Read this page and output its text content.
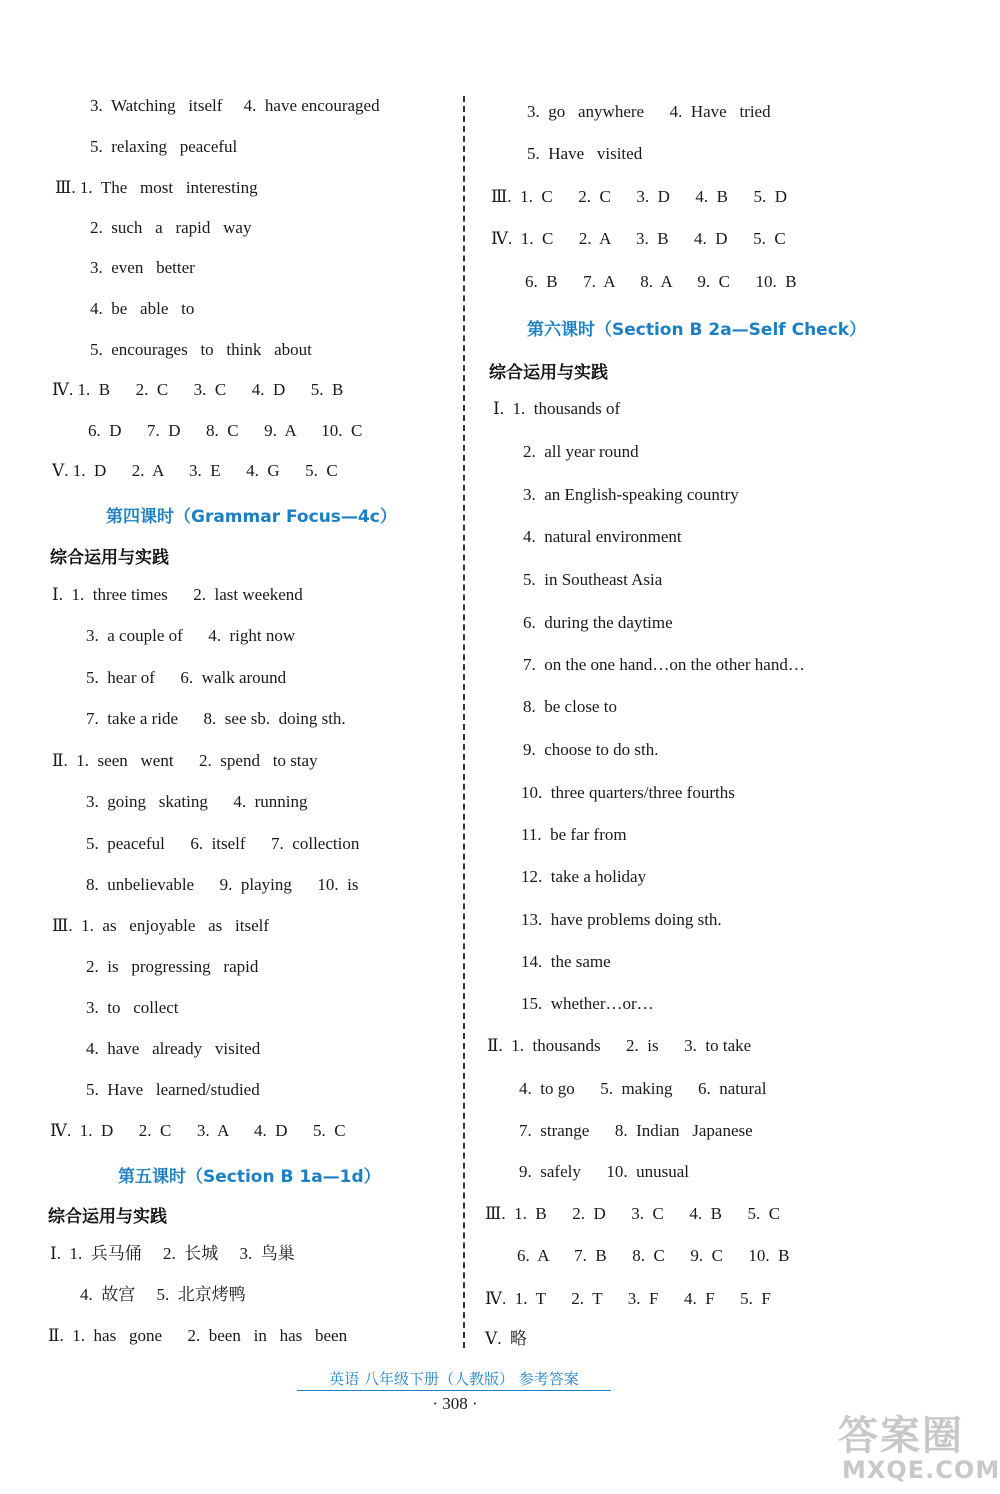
3.  Watching   itself     4.  have encouraged
5.  relaxing   peaceful
Ⅲ. 1.  The   most   interesting
2.  such   a   rapid   way
3.  even   better
4.  be   able   to
5.  encourages   to   think   about
Ⅳ. 1.  B      2.  C      3.  C      4.  D      5.  B
6.  D      7.  D      8.  C      9.  A      10.  C
Ⅴ. 1.  D      2.  A      3.  E      4.  G      5.  C
第四课时（Grammar Focus—4c）
综合运用与实践
Ⅰ.  1.  three times      2.  last weekend
3.  a couple of      4.  right now
5.  hear of      6.  walk around
7.  take a ride      8.  see sb.  doing sth.
Ⅱ.  1.  seen   went      2.  spend   to stay
3.  going   skating      4.  running
5.  peaceful      6.  itself      7.  collection
8.  unbelievable      9.  playing      10.  is
Ⅲ.  1.  as   enjoyable   as   itself
2.  is   progressing   rapid
3.  to   collect
4.  have   already   visited
5.  Have   learned/studied
Ⅳ.  1.  D      2.  C      3.  A      4.  D      5.  C
第五课时（Section B 1a—1d）
综合运用与实践
Ⅰ.  1.  兵马俑     2.  长城     3.  鸟巢
4.  故宫     5.  北京烤鸭
Ⅱ.  1.  has   gone      2.  been   in   has   been
3.  go   anywhere      4.  Have   tried
5.  Have   visited
Ⅲ.  1.  C      2.  C      3.  D      4.  B      5.  D
Ⅳ.  1.  C      2.  A      3.  B      4.  D      5.  C
6.  B      7.  A      8.  A      9.  C      10.  B
第六课时（Section B 2a—Self Check）
综合运用与实践
Ⅰ.  1.  thousands of
2.  all year round
3.  an English-speaking country
4.  natural environment
5.  in Southeast Asia
6.  during the daytime
7.  on the one hand…on the other hand…
8.  be close to
9.  choose to do sth.
10.  three quarters/three fourths
11.  be far from
12.  take a holiday
13.  have problems doing sth.
14.  the same
15.  whether…or…
Ⅱ.  1.  thousands      2.  is      3.  to take
4.  to go      5.  making      6.  natural
7.  strange      8.  Indian   Japanese
9.  safely      10.  unusual
Ⅲ.  1.  B      2.  D      3.  C      4.  B      5.  C
6.  A      7.  B      8.  C      9.  C      10.  B
Ⅳ.  1.  T      2.  T      3.  F      4.  F      5.  F
Ⅴ.  略
英语 八年级下册（人教版） 参考答案
· 308 ·
答案圈
MXQE.COM
